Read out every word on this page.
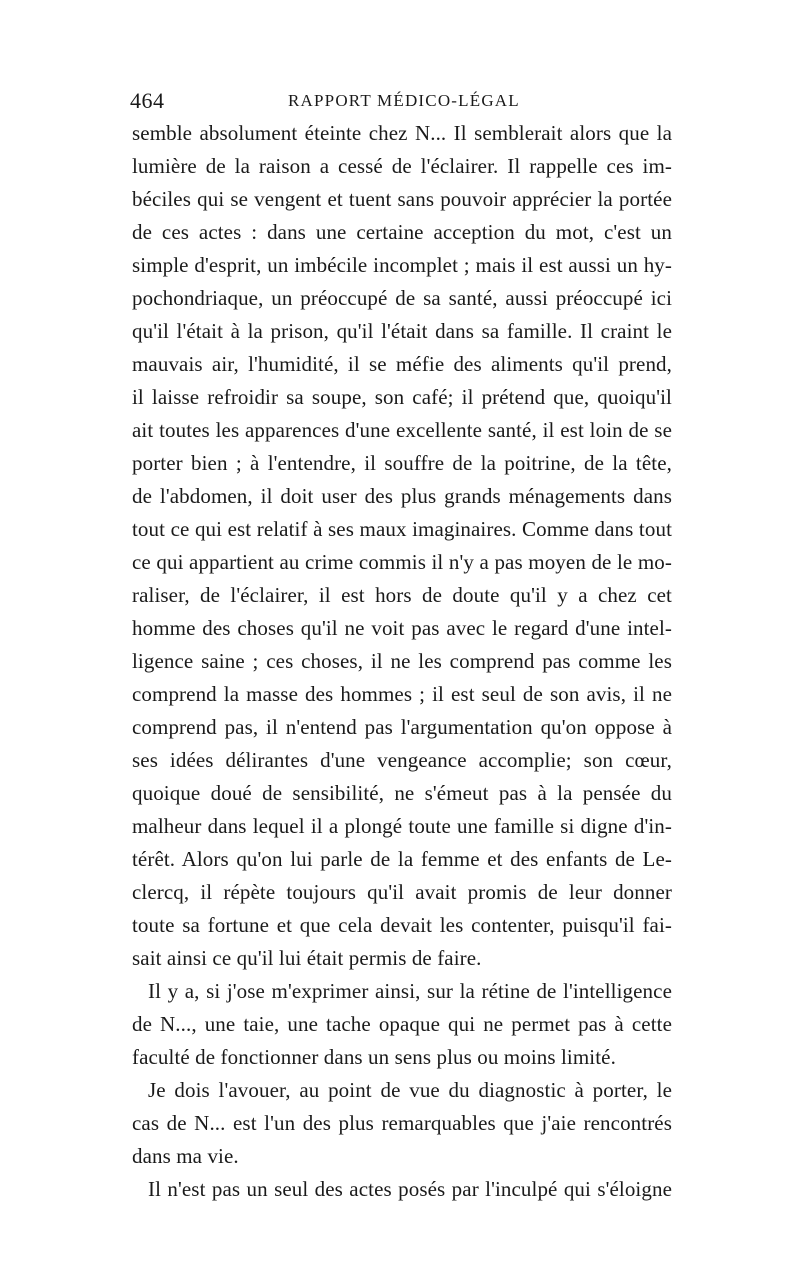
464	RAPPORT MÉDICO-LÉGAL
semble absolument éteinte chez N... Il semblerait alors que la
lumière de la raison a cessé de l'éclairer. Il rappelle ces im-
béciles qui se vengent et tuent sans pouvoir apprécier la portée
de ces actes : dans une certaine acception du mot, c'est un
simple d'esprit, un imbécile incomplet ; mais il est aussi un hy-
pochondriaque, un préoccupé de sa santé, aussi préoccupé ici
qu'il l'était à la prison, qu'il l'était dans sa famille. Il craint le
mauvais air, l'humidité, il se méfie des aliments qu'il prend,
il laisse refroidir sa soupe, son café; il prétend que, quoiqu'il
ait toutes les apparences d'une excellente santé, il est loin de se
porter bien ; à l'entendre, il souffre de la poitrine, de la tête,
de l'abdomen, il doit user des plus grands ménagements dans
tout ce qui est relatif à ses maux imaginaires. Comme dans tout
ce qui appartient au crime commis il n'y a pas moyen de le mo-
raliser, de l'éclairer, il est hors de doute qu'il y a chez cet
homme des choses qu'il ne voit pas avec le regard d'une intel-
ligence saine ; ces choses, il ne les comprend pas comme les
comprend la masse des hommes ; il est seul de son avis, il ne
comprend pas, il n'entend pas l'argumentation qu'on oppose à
ses idées délirantes d'une vengeance accomplie; son cœur,
quoique doué de sensibilité, ne s'émeut pas à la pensée du
malheur dans lequel il a plongé toute une famille si digne d'in-
térêt. Alors qu'on lui parle de la femme et des enfants de Le-
clercq, il répète toujours qu'il avait promis de leur donner
toute sa fortune et que cela devait les contenter, puisqu'il fai-
sait ainsi ce qu'il lui était permis de faire.
Il y a, si j'ose m'exprimer ainsi, sur la rétine de l'intelligence
de N..., une taie, une tache opaque qui ne permet pas à cette
faculté de fonctionner dans un sens plus ou moins limité.
Je dois l'avouer, au point de vue du diagnostic à porter, le
cas de N... est l'un des plus remarquables que j'aie rencontrés
dans ma vie.
Il n'est pas un seul des actes posés par l'inculpé qui s'éloigne
